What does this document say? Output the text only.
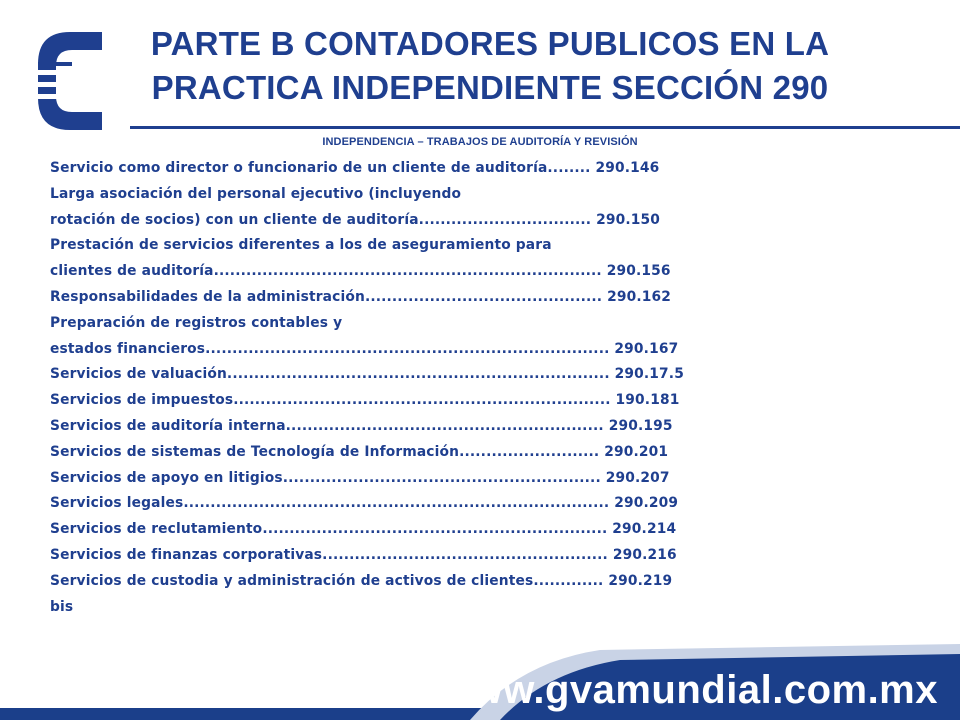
PARTE B CONTADORES PUBLICOS EN LA
PRACTICA INDEPENDIENTE SECCIÓN 290
INDEPENDENCIA – TRABAJOS DE AUDITORÍA Y REVISIÓN
Servicio como director o funcionario de un cliente de auditoría........ 290.146
Larga asociación del personal ejecutivo (incluyendo
rotación de socios) con un cliente de auditoría................................ 290.150
Prestación de servicios diferentes a los de aseguramiento para
clientes de auditoría........................................................................ 290.156
Responsabilidades de la administración............................................ 290.162
Preparación de registros contables y
estados financieros........................................................................... 290.167
Servicios de valuación....................................................................... 290.17.5
Servicios de impuestos...................................................................... 190.181
Servicios de auditoría interna........................................................... 290.195
Servicios de sistemas de Tecnología de Información.......................... 290.201
Servicios de apoyo en litigios........................................................... 290.207
Servicios legales............................................................................... 290.209
Servicios de reclutamiento................................................................ 290.214
Servicios de finanzas corporativas..................................................... 290.216
Servicios de custodia y administración de activos de clientes............. 290.219
bis
www.gvamundial.com.mx
